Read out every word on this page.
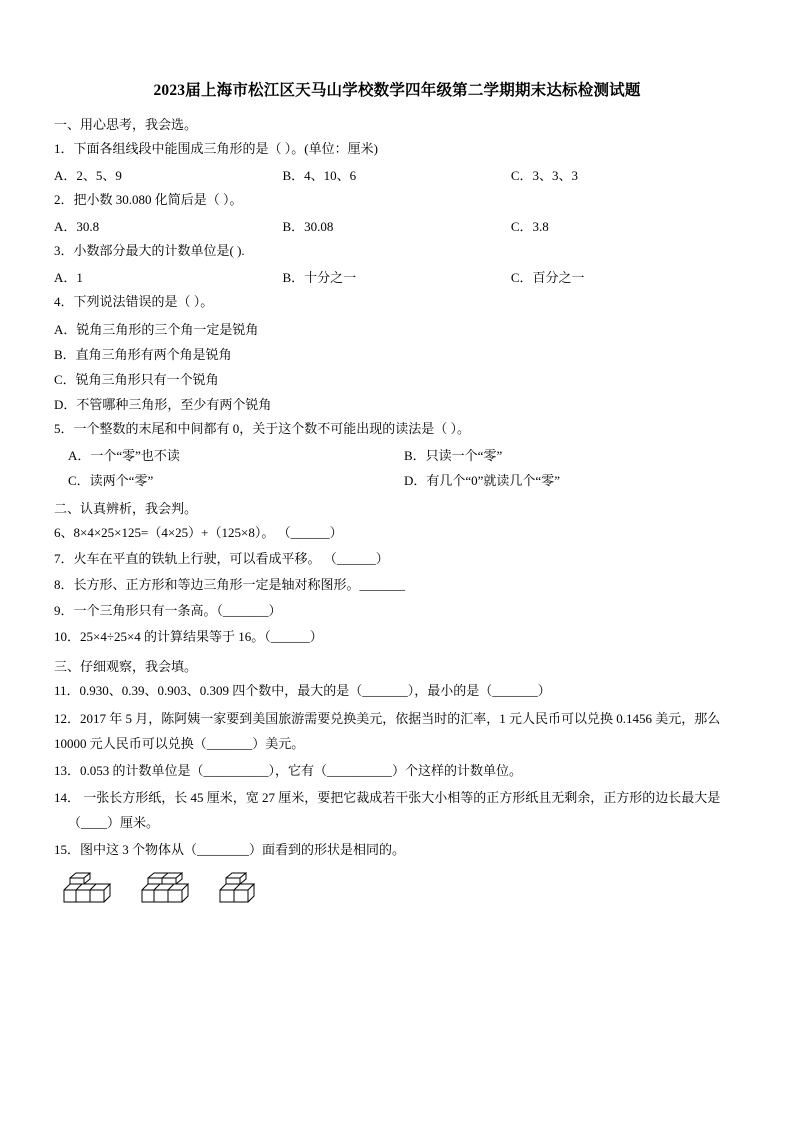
2023届上海市松江区天马山学校数学四年级第二学期期末达标检测试题
一、用心思考，我会选。
1．下面各组线段中能围成三角形的是（ ）。(单位：厘米)
A．2、5、9	B．4、10、6	C．3、3、3
2．把小数 30.080 化简后是（ ）。
A．30.8	B．30.08	C．3.8
3．小数部分最大的计数单位是( ).
A．1	B．十分之一	C．百分之一
4．下列说法错误的是（ ）。
A．锐角三角形的三个角一定是锐角
B．直角三角形有两个角是锐角
C．锐角三角形只有一个锐角
D．不管哪种三角形，至少有两个锐角
5．一个整数的末尾和中间都有 0，关于这个数不可能出现的读法是（ ）。
A．一个“零”也不读	B．只读一个“零”
C．读两个“零”	D．有几个“0”就读几个“零”
二、认真辨析，我会判。
6、8×4×25×125=（4×25）+（125×8）。 （______）
7．火车在平直的铁轨上行驶，可以看成平移。 （______）
8．长方形、正方形和等边三角形一定是轴对称图形。_______
9．一个三角形只有一条高。（_______）
10．25×4÷25×4 的计算结果等于 16。（______）
三、仔细观察，我会填。
11．0.930、0.39、0.903、0.309 四个数中，最大的是（_______），最小的是（_______）
12．2017 年 5 月，陈阿姨一家要到美国旅游需要兑换美元，依据当时的汇率，1 元人民币可以兑换 0.1456 美元，那么
10000 元人民币可以兑换（_______）美元。
13．0.053 的计数单位是（__________），它有（__________）个这样的计数单位。
14． 一张长方形纸，长 45 厘米，宽 27 厘米，要把它裁成若干张大小相等的正方形纸且无剩余，正方形的边长最大是
（____）厘米。
15．图中这 3 个物体从（________）面看到的形状是相同的。
